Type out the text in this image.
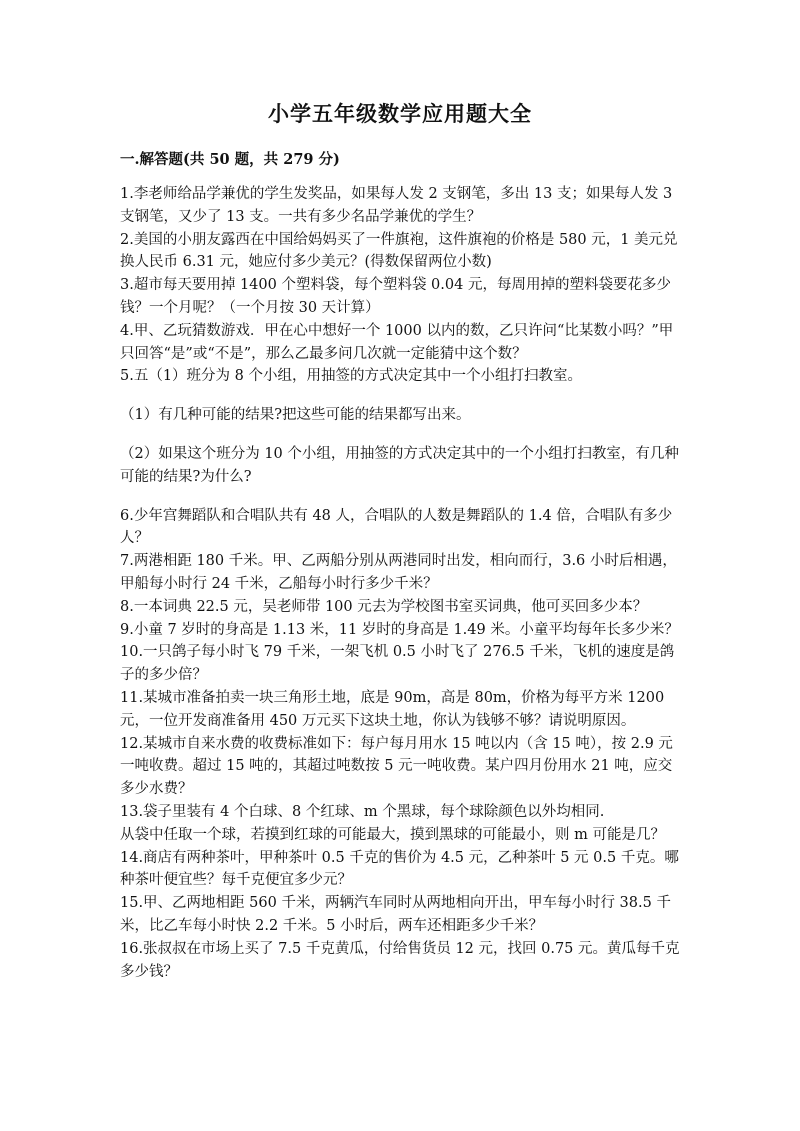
小学五年级数学应用题大全
一.解答题(共 50 题，共 279 分)

1.李老师给品学兼优的学生发奖品，如果每人发 2 支钢笔，多出 13 支；如果每人发 3 支钢笔，又少了 13 支。一共有多少名品学兼优的学生？

2.美国的小朋友露西在中国给妈妈买了一件旗袍，这件旗袍的价格是 580 元，1 美元兑换人民币 6.31 元，她应付多少美元？(得数保留两位小数)

3.超市每天要用掉 1400 个塑料袋，每个塑料袋 0.04 元，每周用掉的塑料袋要花多少钱？一个月呢？（一个月按 30 天计算）

4.甲、乙玩猜数游戏．甲在心中想好一个 1000 以内的数，乙只许问“比某数小吗？”甲只回答“是”或“不是”，那么乙最多问几次就一定能猜中这个数？

5.五（1）班分为 8 个小组，用抽签的方式决定其中一个小组打扫教室。

（1）有几种可能的结果?把这些可能的结果都写出来。

（2）如果这个班分为 10 个小组，用抽签的方式决定其中的一个小组打扫教室，有几种可能的结果?为什么?

6.少年宫舞蹈队和合唱队共有 48 人，合唱队的人数是舞蹈队的 1.4 倍，合唱队有多少人？

7.两港相距 180 千米。甲、乙两船分别从两港同时出发，相向而行，3.6 小时后相遇，甲船每小时行 24 千米，乙船每小时行多少千米？

8.一本词典 22.5 元，吴老师带 100 元去为学校图书室买词典，他可买回多少本？

9.小童 7 岁时的身高是 1.13 米，11 岁时的身高是 1.49 米。小童平均每年长多少米？

10.一只鸽子每小时飞 79 千米，一架飞机 0.5 小时飞了 276.5 千米，飞机的速度是鸽子的多少倍？

11.某城市准备拍卖一块三角形土地，底是 90m，高是 80m，价格为每平方米 1200 元，一位开发商准备用 450 万元买下这块土地，你认为钱够不够？请说明原因。

12.某城市自来水费的收费标准如下：每户每月用水 15 吨以内（含 15 吨），按 2.9 元一吨收费。超过 15 吨的，其超过吨数按 5 元一吨收费。某户四月份用水 21 吨，应交多少水费？

13.袋子里装有 4 个白球、8 个红球、m 个黑球，每个球除颜色以外均相同.

从袋中任取一个球，若摸到红球的可能最大，摸到黑球的可能最小，则 m 可能是几？

14.商店有两种茶叶，甲种茶叶 0.5 千克的售价为 4.5 元，乙种茶叶 5 元 0.5 千克。哪种茶叶便宜些？每千克便宜多少元？

15.甲、乙两地相距 560 千米，两辆汽车同时从两地相向开出，甲车每小时行 38.5 千米，比乙车每小时快 2.2 千米。5 小时后，两车还相距多少千米？

16.张叔叔在市场上买了 7.5 千克黄瓜，付给售货员 12 元，找回 0.75 元。黄瓜每千克多少钱？
